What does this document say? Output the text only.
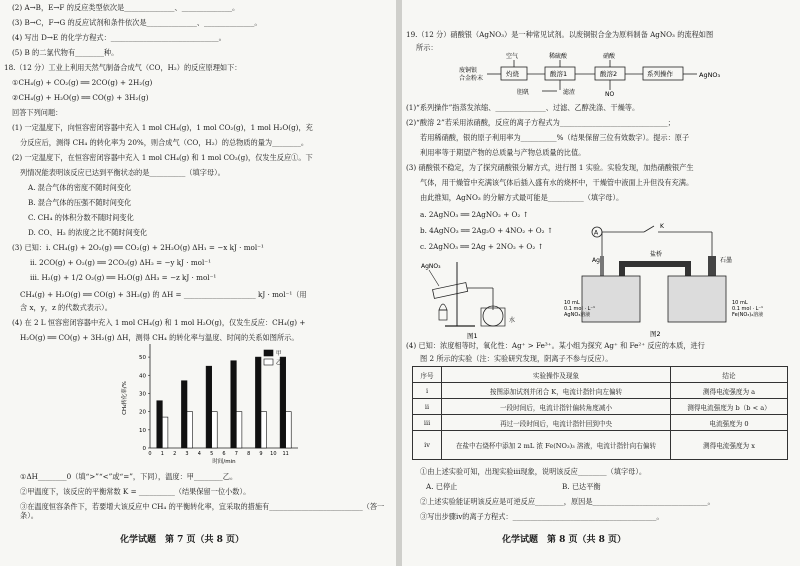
(2) A→B，E→F 的反应类型依次是______________、______________。
(3) B→C，F→G 的反应试剂和条件依次是______________、______________。
(4) 写出 D→E 的化学方程式：______________________________。
(5) B 的二氯代物有________种。
18.（12 分）工业上利用天然气制备合成气（CO，H₂）的反应原理如下：
①CH₄(g) + CO₂(g) ══ 2CO(g) + 2H₂(g)
②CH₄(g) + H₂O(g) ══ CO(g) + 3H₂(g)
回答下列问题：
(1) 一定温度下，向恒容密闭容器中充入 1 mol CH₄(g)，1 mol CO₂(g)，1 mol H₂O(g)，充
分反应后，测得 CH₄ 的转化率为 20%，则合成气（CO，H₂）的总物质的量为________。
(2) 一定温度下，在恒容密闭容器中充入 1 mol CH₄(g) 和 1 mol CO₂(g)，仅发生反应①。下
列情况能表明该反应已达到平衡状态的是__________（填字母）。
A. 混合气体的密度不随时间变化
B. 混合气体的压强不随时间变化
C. CH₄ 的体积分数不随时间变化
D. CO、H₂ 的浓度之比不随时间变化
(3) 已知：ⅰ. CH₄(g) + 2O₂(g) ══ CO₂(g) + 2H₂O(g) ΔH₁ = −x kJ · mol⁻¹
ⅱ. 2CO(g) + O₂(g) ══ 2CO₂(g) ΔH₂ = −y kJ · mol⁻¹
ⅲ. H₂(g) + 1/2 O₂(g) ══ H₂O(g) ΔH₃ = −z kJ · mol⁻¹
CH₄(g) + H₂O(g) ══ CO(g) + 3H₂(g) 的 ΔH = ____________________ kJ · mol⁻¹（用
含 x，y，z 的代数式表示）。
(4) 在 2 L 恒容密闭容器中充入 1 mol CH₄(g) 和 1 mol H₂O(g)，仅发生反应：CH₄(g) +
H₂O(g) ══ CO(g) + 3H₂(g) ΔH，测得 CH₄ 的转化率与温度、时间的关系如图所示。
0
10
20
30
40
50
0 1 2 3 4 5 6 7 8 9 10 11
时间/min
CH₄转化率/%
甲
乙
①ΔH________0（填“>”“<”或“=”，下同），温度：甲________乙。
②甲温度下，该反应的平衡常数 K = __________（结果保留一位小数）。
③在温度恒容条件下，若要增大该反应中 CH₄ 的平衡转化率，宜采取的措施有__________________________（答一条）。
化学试题　第 7 页（共 8 页）
19.（12 分）硝酸银（AgNO₃）是一种常见试剂。以废铜银合金为原料制备 AgNO₃ 的流程如图
所示：
废铜银
合金粉末
灼烧
空气
酸溶1
稀硫酸
滤渣
胆矾
酸溶2
硝酸
NO
系列操作	AgNO₃
(1)“系列操作”指蒸发浓缩、______________、过滤、乙醇洗涤、干燥等。
(2)“酸溶 2”若采用浓硝酸，反应的离子方程式为______________________________；
若用稀硝酸，银的原子利用率为__________%（结果保留三位有效数字）。提示：原子
利用率等于期望产物的总质量与产物总质量的比值。
(3) 硝酸银不稳定，为了探究硝酸银分解方式，进行图 1 实验。实验发现，加热硝酸银产生
气体，用干燥管中充满该气体后插入盛有水的烧杯中，干燥管中液面上升但没有充满。
由此推知，AgNO₃ 的分解方式最可能是__________（填字母）。
a. 2AgNO₃ ══ 2AgNO₂ + O₂ ↑
b. 4AgNO₃ ══ 2Ag₂O + 4NO₂ + O₂ ↑
c. 2AgNO₃ ══ 2Ag + 2NO₂ + O₂ ↑
AgNO₃
水
图1
A
K
Ag
盐桥
石墨
10 mL
0.1 mol · L⁻¹
AgNO₃溶液
10 mL
0.1 mol · L⁻¹
Fe(NO₃)₂溶液
图2
(4) 已知：浓度相等时，氧化性：Ag⁺ > Fe³⁺。某小组为探究 Ag⁺ 和 Fe²⁺ 反应的本质，进行
图 2 所示的实验（注：实验研究发现，阴离子不参与反应）。
序号	实验操作及现象	结论
ⅰ	按图添加试剂并闭合 K，电流计指针向左偏转	测得电流强度为 a
ⅱ	一段时间后，电流计指针偏转角度减小	测得电流强度为 b（b < a）
ⅲ	再过一段时间后，电流计指针回到中央	电流强度为 0
ⅳ	在盐中右烧杯中添加 2 mL 浓 Fe(NO₃)₃ 溶液，电流计指针向右偏转	测得电流强度为 x
①由上述实验可知，出现实验ⅲ现象，说明该反应________（填字母）。
A. 已停止	B. 已达平衡
②上述实验能证明该反应是可逆反应________，原因是________________________________。
③写出步骤ⅳ的离子方程式：________________________________________。
化学试题　第 8 页（共 8 页）
